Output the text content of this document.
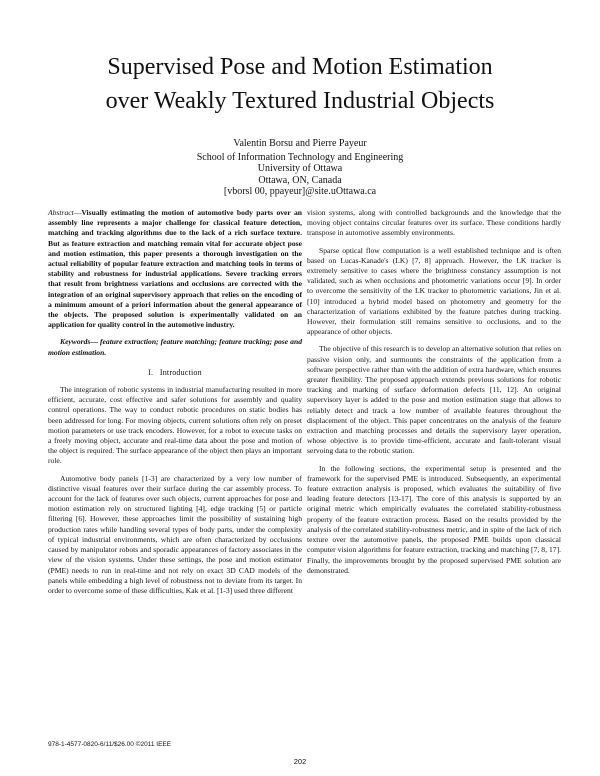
Supervised Pose and Motion Estimation
over Weakly Textured Industrial Objects
Valentin Borsu and Pierre Payeur
School of Information Technology and Engineering
University of Ottawa
Ottawa, ON, Canada
[vborsl 00, ppayeur]@site.uOttawa.ca

Abstract—Visually estimating the motion of automotive body parts over an assembly line represents a major challenge for classical feature detection, matching and tracking algorithms due to the lack of a rich surface texture. But as feature extraction and matching remain vital for accurate object pose and motion estimation, this paper presents a thorough investigation on the actual reliability of popular feature extraction and matching tools in terms of stability and robustness for industrial applications. Severe tracking errors that result from brightness variations and occlusions are corrected with the integration of an original supervisory approach that relies on the encoding of a minimum amount of a priori information about the general appearance of the objects. The proposed solution is experimentally validated on an application for quality control in the automotive industry.

Keywords— feature extraction; feature matching; feature tracking; pose and motion estimation.

I. Introduction

The integration of robotic systems in industrial manufacturing resulted in more efficient, accurate, cost effective and safer solutions for assembly and quality control operations. The way to conduct robotic procedures on static bodies has been addressed for long. For moving objects, current solutions often rely on preset motion parameters or use track encoders. However, for a robot to execute tasks on a freely moving object, accurate and real-time data about the pose and motion of the object is required. The surface appearance of the object then plays an important role.

Automotive body panels [1-3] are characterized by a very low number of distinctive visual features over their surface during the car assembly process. To account for the lack of features over such objects, current approaches for pose and motion estimation rely on structured lighting [4], edge tracking [5] or particle filtering [6]. However, these approaches limit the possibility of sustaining high production rates while handling several types of body parts, under the complexity of typical industrial environments, which are often characterized by occlusions caused by manipulator robots and sporadic appearances of factory associates in the view of the vision systems. Under these settings, the pose and motion estimator (PME) needs to run in real-time and not rely on exact 3D CAD models of the panels while embedding a high level of robustness not to deviate from its target. In order to overcome some of these difficulties, Kak et al. [1-3] used three different

vision systems, along with controlled backgrounds and the knowledge that the moving object contains circular features over its surface. These conditions hardly transpose in automotive assembly environments.

Sparse optical flow computation is a well established technique and is often based on Lucas-Kanade's (LK) [7, 8] approach. However, the LK tracker is extremely sensitive to cases where the brightness constancy assumption is not validated, such as when occlusions and photometric variations occur [9]. In order to overcome the sensitivity of the LK tracker to photometric variations, Jin et al. [10] introduced a hybrid model based on photometry and geometry for the characterization of variations exhibited by the feature patches during tracking. However, their formulation still remains sensitive to occlusions, and to the appearance of other objects.

The objective of this research is to develop an alternative solution that relies on passive vision only, and surmounts the constraints of the application from a software perspective rather than with the addition of extra hardware, which ensures greater flexibility. The proposed approach extends previous solutions for robotic tracking and marking of surface deformation defects [11, 12]. An original supervisory layer is added to the pose and motion estimation stage that allows to reliably detect and track a low number of available features throughout the displacement of the object. This paper concentrates on the analysis of the feature extraction and matching processes and details the supervisory layer operation, whose objective is to provide time-efficient, accurate and fault-tolerant visual servoing data to the robotic station.

In the following sections, the experimental setup is presented and the framework for the supervised PME is introduced. Subsequently, an experimental feature extraction analysis is proposed, which evaluates the suitability of five leading feature detectors [13-17]. The core of this analysis is supported by an original metric which empirically evaluates the correlated stability-robustness property of the feature extraction process. Based on the results provided by the analysis of the correlated stability-robustness metric, and in spite of the lack of rich texture over the automotive panels, the proposed PME builds upon classical computer vision algorithms for feature extraction, tracking and matching [7, 8, 17]. Finally, the improvements brought by the proposed supervised PME solution are demonstrated.

978-1-4577-0820-6/11/$26.00 ©2011 IEEE
202
